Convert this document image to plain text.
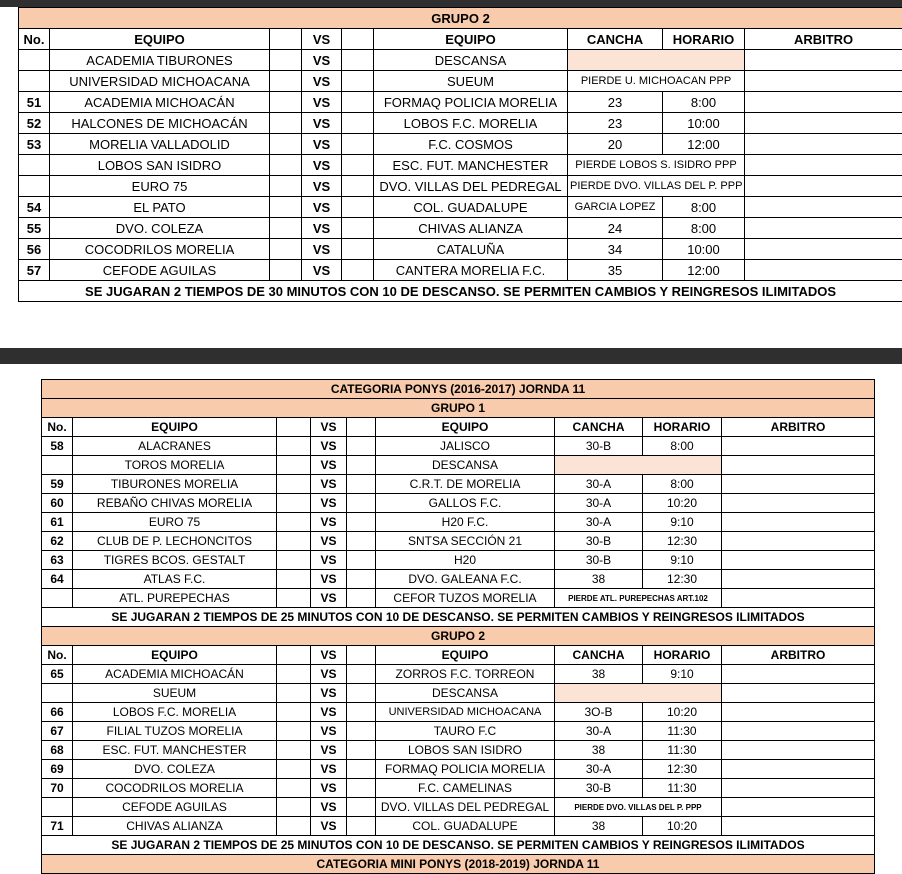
GRUPO 2								
No.	EQUIPO		VS		EQUIPO	CANCHA	HORARIO	ARBITRO
	ACADEMIA TIBURONES		VS		DESCANSA			
	UNIVERSIDAD MICHOACANA		VS		SUEUM	PIERDE U. MICHOACAN PPP		
51	ACADEMIA MICHOACÁN		VS		FORMAQ POLICIA MORELIA	23	8:00	
52	HALCONES DE MICHOACÁN		VS		LOBOS F.C. MORELIA	23	10:00	
53	MORELIA VALLADOLID		VS		F.C. COSMOS	20	12:00	
	LOBOS SAN ISIDRO		VS		ESC. FUT. MANCHESTER	PIERDE LOBOS S. ISIDRO PPP		
	EURO 75		VS		DVO. VILLAS DEL PEDREGAL	PIERDE DVO. VILLAS DEL P. PPP		
54	EL PATO		VS		COL. GUADALUPE	GARCIA LOPEZ	8:00	
55	DVO. COLEZA		VS		CHIVAS ALIANZA	24	8:00	
56	COCODRILOS MORELIA		VS		CATALUÑA	34	10:00	
57	CEFODE AGUILAS		VS		CANTERA MORELIA F.C.	35	12:00	
SE JUGARAN 2 TIEMPOS DE 30 MINUTOS CON 10 DE DESCANSO. SE PERMITEN CAMBIOS Y REINGRESOS ILIMITADOS								
CATEGORIA PONYS (2016-2017) JORNDA 11								
GRUPO 1								
No.	EQUIPO		VS		EQUIPO	CANCHA	HORARIO	ARBITRO
58	ALACRANES		VS		JALISCO	30-B	8:00	
	TOROS MORELIA		VS		DESCANSA			
59	TIBURONES MORELIA		VS		C.R.T. DE MORELIA	30-A	8:00	
60	REBAÑO CHIVAS MORELIA		VS		GALLOS F.C.	30-A	10:20	
61	EURO 75		VS		H20 F.C.	30-A	9:10	
62	CLUB DE P. LECHONCITOS		VS		SNTSA SECCIÓN 21	30-B	12:30	
63	TIGRES BCOS. GESTALT		VS		H20	30-B	9:10	
64	ATLAS F.C.		VS		DVO. GALEANA F.C.	38	12:30	
	ATL. PUREPECHAS		VS		CEFOR TUZOS MORELIA	PIERDE ATL. PUREPECHAS ART.102		
SE JUGARAN 2 TIEMPOS DE 25 MINUTOS CON 10 DE DESCANSO. SE PERMITEN CAMBIOS Y REINGRESOS ILIMITADOS								
GRUPO 2								
No.	EQUIPO		VS		EQUIPO	CANCHA	HORARIO	ARBITRO
65	ACADEMIA MICHOACÁN		VS		ZORROS F.C. TORREON	38	9:10	
	SUEUM		VS		DESCANSA			
66	LOBOS F.C. MORELIA		VS		UNIVERSIDAD MICHOACANA	3O-B	10:20	
67	FILIAL TUZOS MORELIA		VS		TAURO F.C	30-A	11:30	
68	ESC. FUT. MANCHESTER		VS		LOBOS SAN ISIDRO	38	11:30	
69	DVO. COLEZA		VS		FORMAQ POLICIA MORELIA	30-A	12:30	
70	COCODRILOS MORELIA		VS		F.C. CAMELINAS	30-B	11:30	
	CEFODE AGUILAS		VS		DVO. VILLAS DEL PEDREGAL	PIERDE DVO. VILLAS DEL P. PPP		
71	CHIVAS ALIANZA		VS		COL. GUADALUPE	38	10:20	
SE JUGARAN 2 TIEMPOS DE 25 MINUTOS CON 10 DE DESCANSO. SE PERMITEN CAMBIOS Y REINGRESOS ILIMITADOS								
CATEGORIA MINI PONYS (2018-2019) JORNDA 11								
